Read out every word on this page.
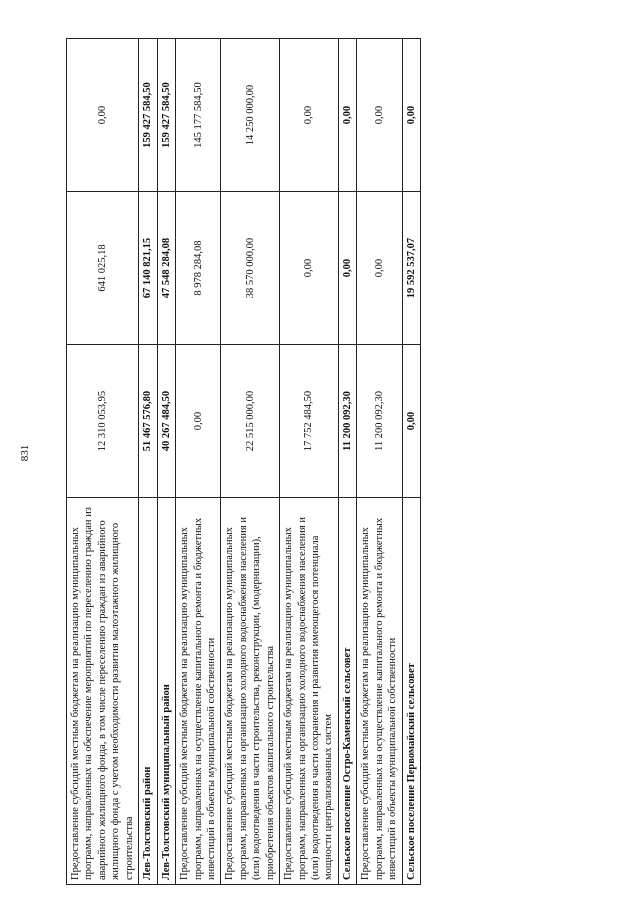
831
Предоставление субсидий местным бюджетам на реализацию муниципальных программ, направленных на обеспечение мероприятий по переселению граждан из аварийного жилищного фонда, в том числе переселению граждан из аварийного жилищного фонда с учетом необходимости развития малоэтажного жилищного строительства	12 310 053,95	641 025,18	0,00
Лев-Толстовский район	51 467 576,80	67 140 821,15	159 427 584,50
Лев-Толстовский муниципальный район	40 267 484,50	47 548 284,08	159 427 584,50
Предоставление субсидий местным бюджетам на реализацию муниципальных программ, направленных на осуществление капитального ремонта и бюджетных инвестиций в объекты муниципальной собственности	0,00	8 978 284,08	145 177 584,50
Предоставление субсидий местным бюджетам на реализацию муниципальных программ, направленных на организацию холодного водоснабжения населения и (или) водоотведения в части строительства, реконструкции, (модернизации), приобретения объектов капитального строительства	22 515 000,00	38 570 000,00	14 250 000,00
Предоставление субсидий местным бюджетам на реализацию муниципальных программ, направленных на организацию холодного водоснабжения населения и (или) водоотведения в части сохранения и развития имеющегося потенциала мощности централизованных систем	17 752 484,50	0,00	0,00
Сельское поселение Остро-Каменский сельсовет	11 200 092,30	0,00	0,00
Предоставление субсидий местным бюджетам на реализацию муниципальных программ, направленных на осуществление капитального ремонта и бюджетных инвестиций в объекты муниципальной собственности	11 200 092,30	0,00	0,00
Сельское поселение Первомайский сельсовет	0,00	19 592 537,07	0,00
